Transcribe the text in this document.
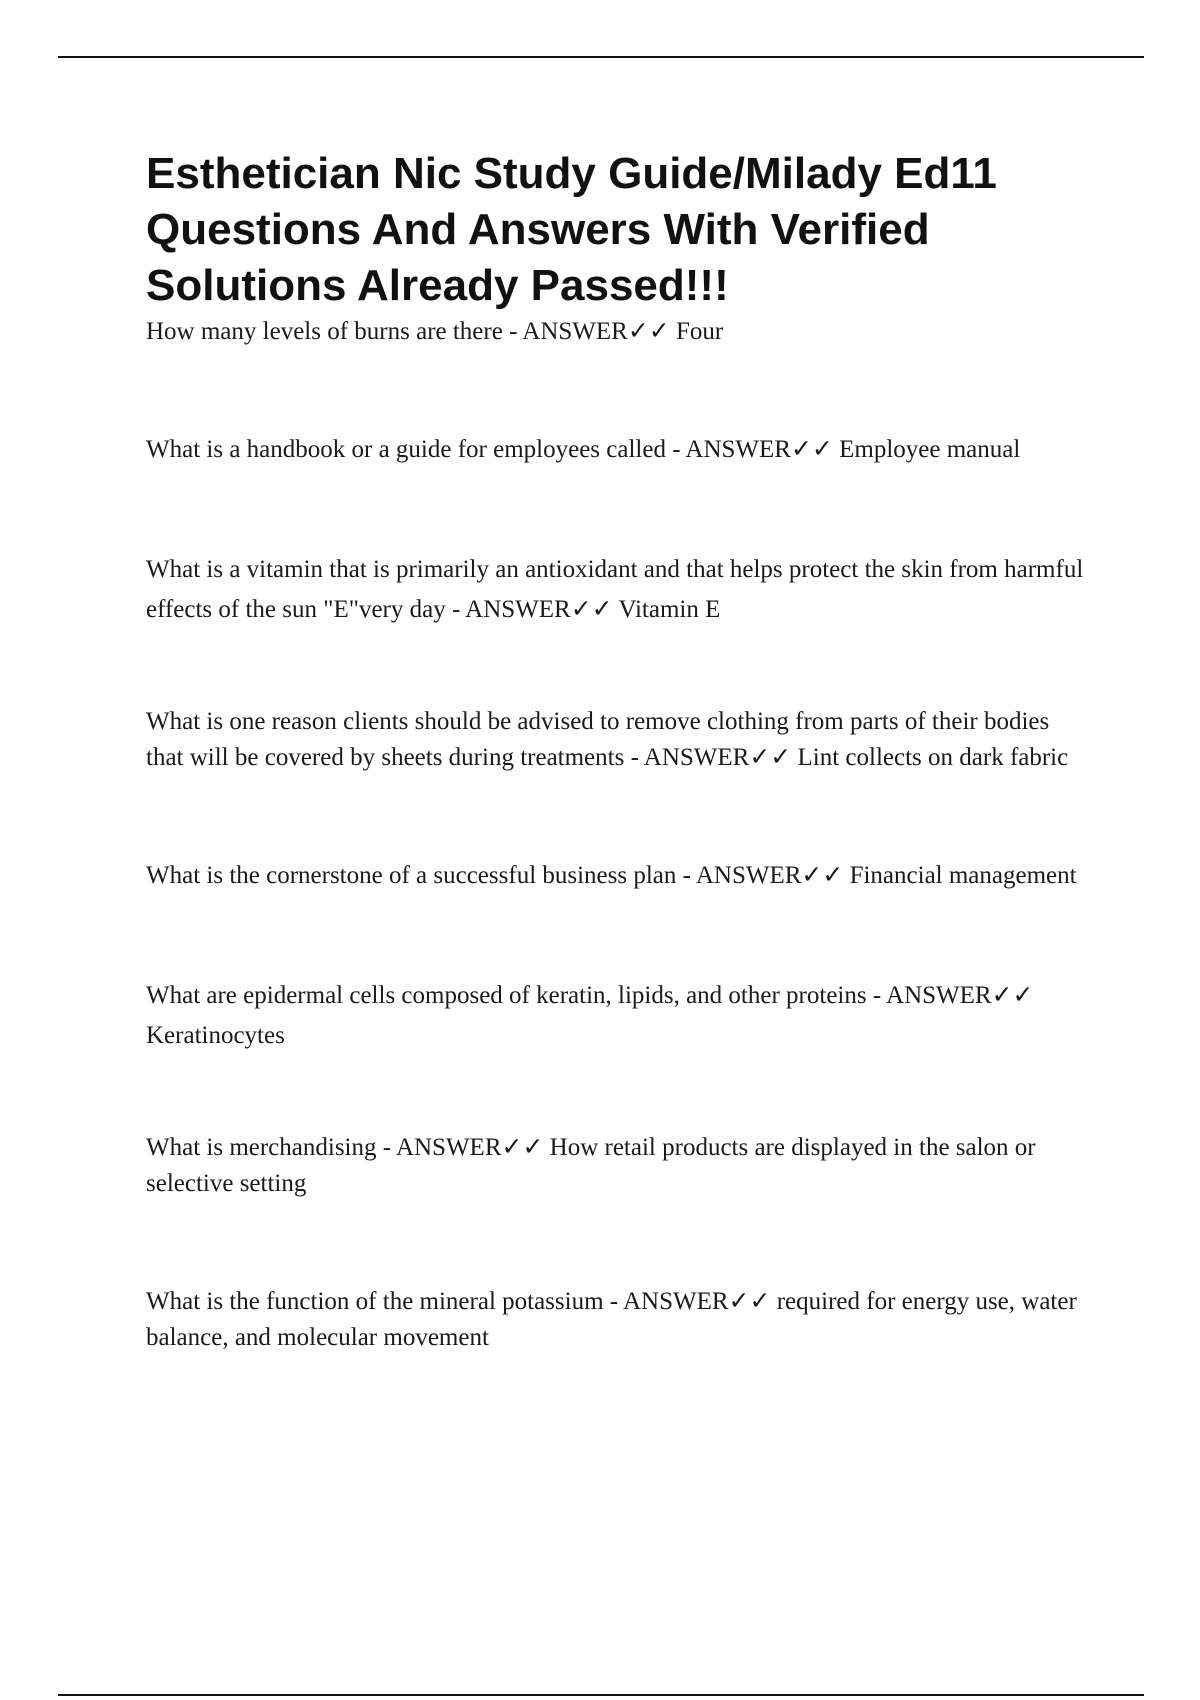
Esthetician Nic Study Guide/Milady Ed11 Questions And Answers With Verified Solutions Already Passed!!!

How many levels of burns are there - ANSWER✓✓ Four

What is a handbook or a guide for employees called - ANSWER✓✓ Employee manual

What is a vitamin that is primarily an antioxidant and that helps protect the skin from harmful effects of the sun "E"very day - ANSWER✓✓ Vitamin E

What is one reason clients should be advised to remove clothing from parts of their bodies that will be covered by sheets during treatments - ANSWER✓✓ Lint collects on dark fabric

What is the cornerstone of a successful business plan - ANSWER✓✓ Financial management

What are epidermal cells composed of keratin, lipids, and other proteins - ANSWER✓✓ Keratinocytes

What is merchandising - ANSWER✓✓ How retail products are displayed in the salon or selective setting

What is the function of the mineral potassium - ANSWER✓✓ required for energy use, water balance, and molecular movement
